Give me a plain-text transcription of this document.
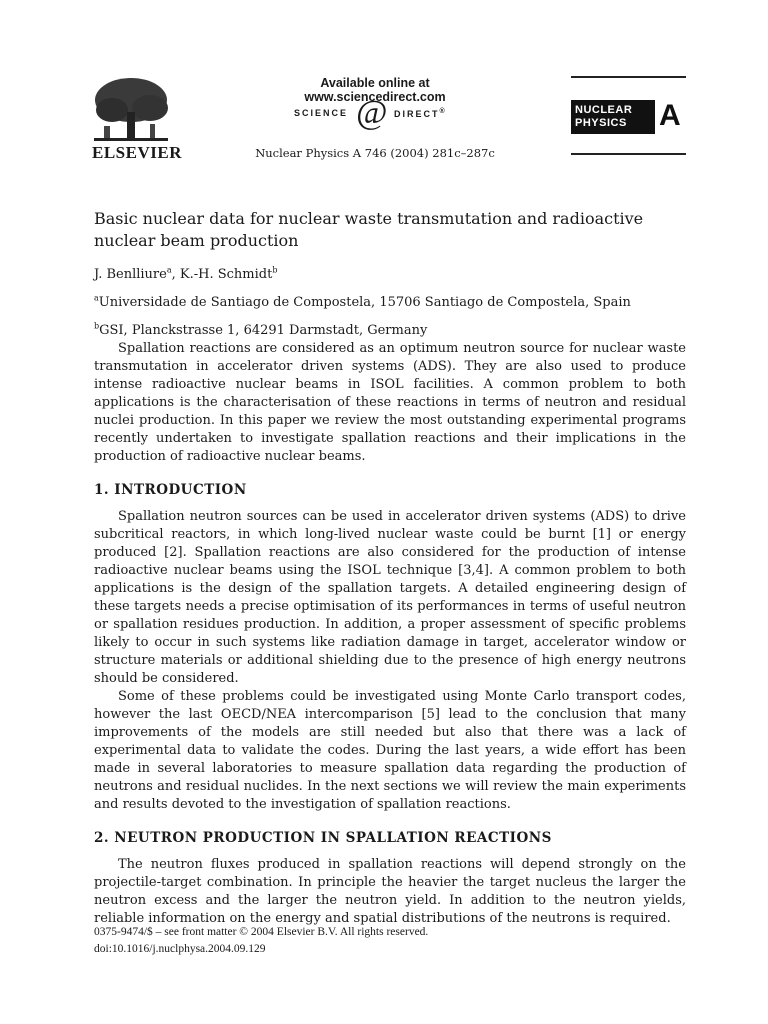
ELSEVIER
Available online at www.sciencedirect.com
SCIENCE @ DIRECT®
Nuclear Physics A 746 (2004) 281c–287c
NUCLEAR
PHYSICS	A
Basic nuclear data for nuclear waste transmutation and radioactive nuclear beam production
J. Benlliure$^a$, K.-H. Schmidt$^b$
$^a$Universidade de Santiago de Compostela, 15706 Santiago de Compostela, Spain
$^b$GSI, Planckstrasse 1, 64291 Darmstadt, Germany

Spallation reactions are considered as an optimum neutron source for nuclear waste transmutation in accelerator driven systems (ADS). They are also used to produce intense radioactive nuclear beams in ISOL facilities. A common problem to both applications is the characterisation of these reactions in terms of neutron and residual nuclei production. In this paper we review the most outstanding experimental programs recently undertaken to investigate spallation reactions and their implications in the production of radioactive nuclear beams.

1. INTRODUCTION

Spallation neutron sources can be used in accelerator driven systems (ADS) to drive subcritical reactors, in which long-lived nuclear waste could be burnt [1] or energy produced [2]. Spallation reactions are also considered for the production of intense radioactive nuclear beams using the ISOL technique [3,4]. A common problem to both applications is the design of the spallation targets. A detailed engineering design of these targets needs a precise optimisation of its performances in terms of useful neutron or spallation residues production. In addition, a proper assessment of specific problems likely to occur in such systems like radiation damage in target, accelerator window or structure materials or additional shielding due to the presence of high energy neutrons should be considered.

Some of these problems could be investigated using Monte Carlo transport codes, however the last OECD/NEA intercomparison [5] lead to the conclusion that many improvements of the models are still needed but also that there was a lack of experimental data to validate the codes. During the last years, a wide effort has been made in several laboratories to measure spallation data regarding the production of neutrons and residual nuclides. In the next sections we will review the main experiments and results devoted to the investigation of spallation reactions.

2. NEUTRON PRODUCTION IN SPALLATION REACTIONS

The neutron fluxes produced in spallation reactions will depend strongly on the projectile-target combination. In principle the heavier the target nucleus the larger the neutron excess and the larger the neutron yield. In addition to the neutron yields, reliable information on the energy and spatial distributions of the neutrons is required.

0375-9474/$ – see front matter © 2004 Elsevier B.V. All rights reserved.
doi:10.1016/j.nuclphysa.2004.09.129
